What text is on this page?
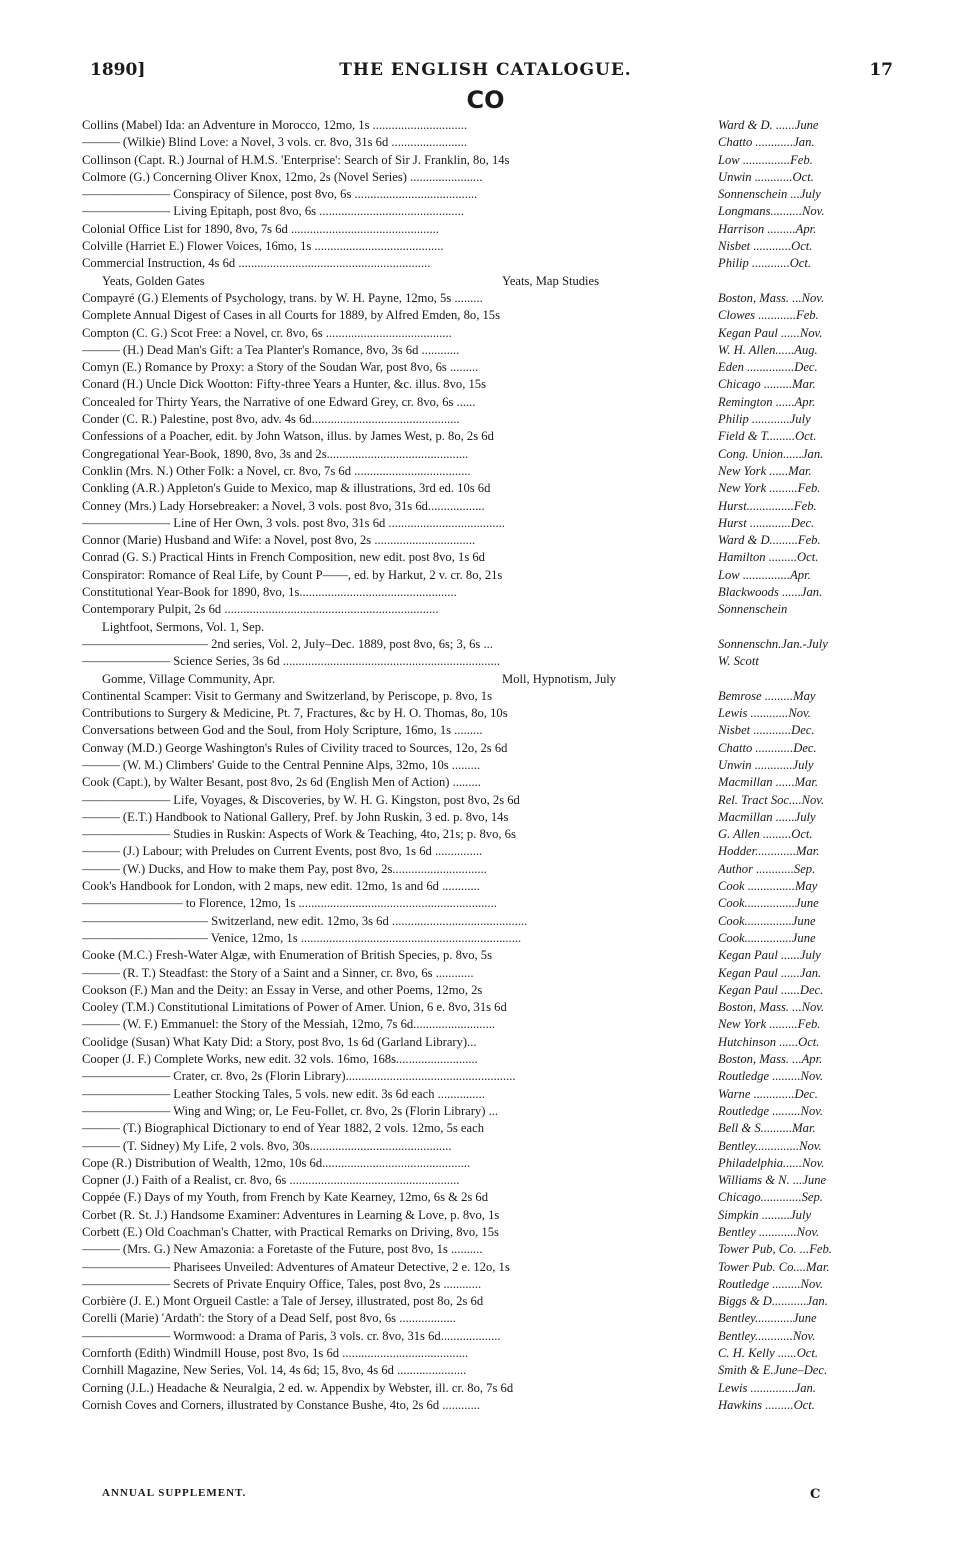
1890]	THE ENGLISH CATALOGUE.	17
CO
Collins (Mabel) Ida: an Adventure in Morocco, 12mo, 1s ..............................	Ward & D. ......June
——— (Wilkie) Blind Love: a Novel, 3 vols. cr. 8vo, 31s 6d ........................	Chatto ............Jan.
Collinson (Capt. R.) Journal of H.M.S. 'Enterprise': Search of Sir J. Franklin, 8o, 14s	Low ...............Feb.
Colmore (G.) Concerning Oliver Knox, 12mo, 2s (Novel Series) .......................	Unwin ............Oct.
——————— Conspiracy of Silence, post 8vo, 6s .......................................	Sonnenschein ...July
——————— Living Epitaph, post 8vo, 6s ..............................................	Longmans..........Nov.
Colonial Office List for 1890, 8vo, 7s 6d ...............................................	Harrison .........Apr.
Colville (Harriet E.) Flower Voices, 16mo, 1s .........................................	Nisbet ............Oct.
Commercial Instruction, 4s 6d .............................................................	Philip ............Oct.
Yeats, Golden Gates	Yeats, Map Studies
Compayré (G.) Elements of Psychology, trans. by W. H. Payne, 12mo, 5s .........	Boston, Mass. ...Nov.
Complete Annual Digest of Cases in all Courts for 1889, by Alfred Emden, 8o, 15s	Clowes ............Feb.
Compton (C. G.) Scot Free: a Novel, cr. 8vo, 6s ........................................	Kegan Paul ......Nov.
——— (H.) Dead Man's Gift: a Tea Planter's Romance, 8vo, 3s 6d ............	W. H. Allen......Aug.
Comyn (E.) Romance by Proxy: a Story of the Soudan War, post 8vo, 6s .........	Eden ...............Dec.
Conard (H.) Uncle Dick Wootton: Fifty-three Years a Hunter, &c. illus. 8vo, 15s	Chicago .........Mar.
Concealed for Thirty Years, the Narrative of one Edward Grey, cr. 8vo, 6s ......	Remington ......Apr.
Conder (C. R.) Palestine, post 8vo, adv. 4s 6d...............................................	Philip ............July
Confessions of a Poacher, edit. by John Watson, illus. by James West, p. 8o, 2s 6d	Field & T.........Oct.
Congregational Year-Book, 1890, 8vo, 3s and 2s.............................................	Cong. Union......Jan.
Conklin (Mrs. N.) Other Folk: a Novel, cr. 8vo, 7s 6d .....................................	New York ......Mar.
Conkling (A.R.) Appleton's Guide to Mexico, map & illustrations, 3rd ed. 10s 6d	New York .........Feb.
Conney (Mrs.) Lady Horsebreaker: a Novel, 3 vols. post 8vo, 31s 6d..................	Hurst...............Feb.
——————— Line of Her Own, 3 vols. post 8vo, 31s 6d .....................................	Hurst .............Dec.
Connor (Marie) Husband and Wife: a Novel, post 8vo, 2s ................................	Ward & D.........Feb.
Conrad (G. S.) Practical Hints in French Composition, new edit. post 8vo, 1s 6d	Hamilton .........Oct.
Conspirator: Romance of Real Life, by Count P——, ed. by Harkut, 2 v. cr. 8o, 21s	Low ...............Apr.
Constitutional Year-Book for 1890, 8vo, 1s..................................................	Blackwoods ......Jan.
Contemporary Pulpit, 2s 6d ....................................................................	Sonnenschein
Lightfoot, Sermons, Vol. 1, Sep.
—————————— 2nd series, Vol. 2, July–Dec. 1889, post 8vo, 6s; 3, 6s ...	Sonnenschn.Jan.-July
——————— Science Series, 3s 6d .....................................................................	W. Scott
Gomme, Village Community, Apr.	Moll, Hypnotism, July
Continental Scamper: Visit to Germany and Switzerland, by Periscope, p. 8vo, 1s	Bemrose .........May
Contributions to Surgery & Medicine, Pt. 7, Fractures, &c by H. O. Thomas, 8o, 10s	Lewis ............Nov.
Conversations between God and the Soul, from Holy Scripture, 16mo, 1s .........	Nisbet ............Dec.
Conway (M.D.) George Washington's Rules of Civility traced to Sources, 12o, 2s 6d	Chatto ............Dec.
——— (W. M.) Climbers' Guide to the Central Pennine Alps, 32mo, 10s .........	Unwin ............July
Cook (Capt.), by Walter Besant, post 8vo, 2s 6d (English Men of Action) .........	Macmillan ......Mar.
——————— Life, Voyages, & Discoveries, by W. H. G. Kingston, post 8vo, 2s 6d	Rel. Tract Soc....Nov.
——— (E.T.) Handbook to National Gallery, Pref. by John Ruskin, 3 ed. p. 8vo, 14s	Macmillan ......July
——————— Studies in Ruskin: Aspects of Work & Teaching, 4to, 21s; p. 8vo, 6s	G. Allen .........Oct.
——— (J.) Labour; with Preludes on Current Events, post 8vo, 1s 6d ...............	Hodder.............Mar.
——— (W.) Ducks, and How to make them Pay, post 8vo, 2s..............................	Author ............Sep.
Cook's Handbook for London, with 2 maps, new edit. 12mo, 1s and 6d ............	Cook ...............May
———————— to Florence, 12mo, 1s ...............................................................	Cook................June
—————————— Switzerland, new edit. 12mo, 3s 6d ...........................................	Cook...............June
—————————— Venice, 12mo, 1s ......................................................................	Cook...............June
Cooke (M.C.) Fresh-Water Algæ, with Enumeration of British Species, p. 8vo, 5s	Kegan Paul ......July
——— (R. T.) Steadfast: the Story of a Saint and a Sinner, cr. 8vo, 6s ............	Kegan Paul ......Jan.
Cookson (F.) Man and the Deity: an Essay in Verse, and other Poems, 12mo, 2s	Kegan Paul ......Dec.
Cooley (T.M.) Constitutional Limitations of Power of Amer. Union, 6 e. 8vo, 31s 6d	Boston, Mass. ...Nov.
——— (W. F.) Emmanuel: the Story of the Messiah, 12mo, 7s 6d..........................	New York .........Feb.
Coolidge (Susan) What Katy Did: a Story, post 8vo, 1s 6d (Garland Library)...	Hutchinson ......Oct.
Cooper (J. F.) Complete Works, new edit. 32 vols. 16mo, 168s..........................	Boston, Mass. ...Apr.
——————— Crater, cr. 8vo, 2s (Florin Library)......................................................	Routledge .........Nov.
——————— Leather Stocking Tales, 5 vols. new edit. 3s 6d each ...............	Warne .............Dec.
——————— Wing and Wing; or, Le Feu-Follet, cr. 8vo, 2s (Florin Library) ...	Routledge .........Nov.
——— (T.) Biographical Dictionary to end of Year 1882, 2 vols. 12mo, 5s each	Bell & S..........Mar.
——— (T. Sidney) My Life, 2 vols. 8vo, 30s.............................................	Bentley..............Nov.
Cope (R.) Distribution of Wealth, 12mo, 10s 6d...............................................	Philadelphia......Nov.
Copner (J.) Faith of a Realist, cr. 8vo, 6s ......................................................	Williams & N. ...June
Coppée (F.) Days of my Youth, from French by Kate Kearney, 12mo, 6s & 2s 6d	Chicago.............Sep.
Corbet (R. St. J.) Handsome Examiner: Adventures in Learning & Love, p. 8vo, 1s	Simpkin .........July
Corbett (E.) Old Coachman's Chatter, with Practical Remarks on Driving, 8vo, 15s	Bentley ............Nov.
——— (Mrs. G.) New Amazonia: a Foretaste of the Future, post 8vo, 1s ..........	Tower Pub, Co. ...Feb.
——————— Pharisees Unveiled: Adventures of Amateur Detective, 2 e. 12o, 1s	Tower Pub. Co....Mar.
——————— Secrets of Private Enquiry Office, Tales, post 8vo, 2s ............	Routledge .........Nov.
Corbière (J. E.) Mont Orgueil Castle: a Tale of Jersey, illustrated, post 8o, 2s 6d	Biggs & D...........Jan.
Corelli (Marie) 'Ardath': the Story of a Dead Self, post 8vo, 6s ..................	Bentley............June
——————— Wormwood: a Drama of Paris, 3 vols. cr. 8vo, 31s 6d...................	Bentley............Nov.
Cornforth (Edith) Windmill House, post 8vo, 1s 6d ........................................	C. H. Kelly ......Oct.
Cornhill Magazine, New Series, Vol. 14, 4s 6d; 15, 8vo, 4s 6d ......................	Smith & E.June–Dec.
Corning (J.L.) Headache & Neuralgia, 2 ed. w. Appendix by Webster, ill. cr. 8o, 7s 6d	Lewis ..............Jan.
Cornish Coves and Corners, illustrated by Constance Bushe, 4to, 2s 6d ............	Hawkins .........Oct.
ANNUAL SUPPLEMENT.	C
